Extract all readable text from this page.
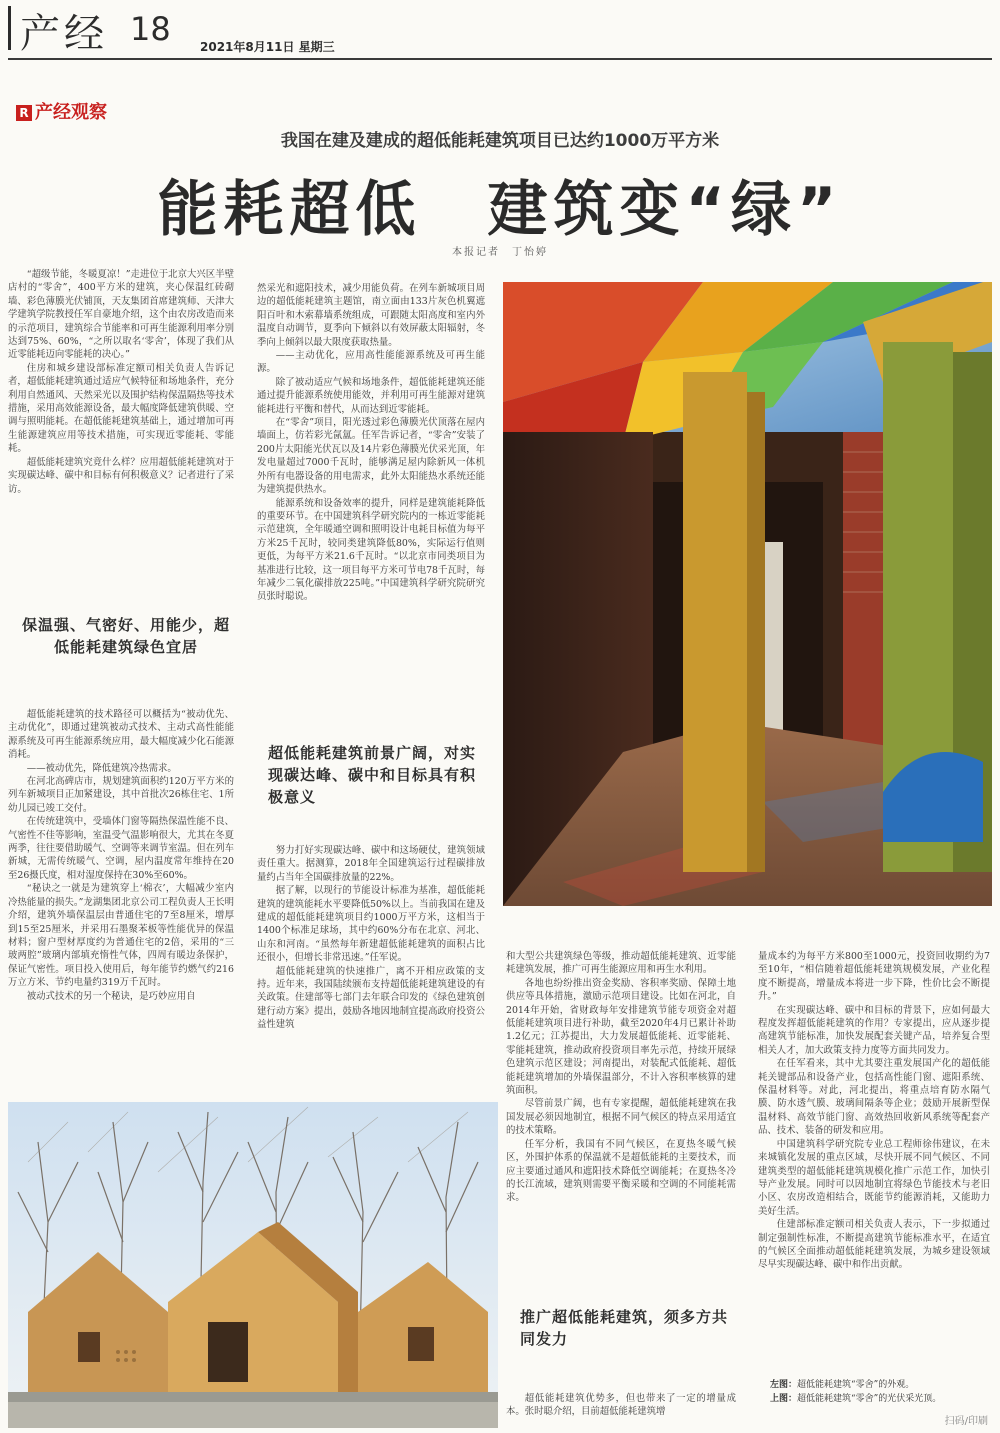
产经 18 2021年8月11日 星期三
R 产经观察
我国在建及建成的超低能耗建筑项目已达约1000万平方米
能耗超低　建筑变“绿”
本报记者　丁怡婷

“超级节能，冬暖夏凉！”走进位于北京大兴区半壁店村的“零舍”，400平方米的建筑，夹心保温红砖砌墙、彩色薄膜光伏铺顶，天友集团首席建筑师、天津大学建筑学院教授任军自豪地介绍，这个由农房改造而来的示范项目，建筑综合节能率和可再生能源利用率分别达到75%、60%，“之所以取名‘零舍’，体现了我们从近零能耗迈向零能耗的决心。”

住房和城乡建设部标准定额司相关负责人告诉记者，超低能耗建筑通过适应气候特征和场地条件，充分利用自然通风、天然采光以及围护结构保温隔热等技术措施，采用高效能源设备，最大幅度降低建筑供暖、空调与照明能耗。在超低能耗建筑基础上，通过增加可再生能源建筑应用等技术措施，可实现近零能耗、零能耗。

超低能耗建筑究竟什么样？应用超低能耗建筑对于实现碳达峰、碳中和目标有何积极意义？记者进行了采访。

保温强、气密好、用能少，超低能耗建筑绿色宜居

超低能耗建筑的技术路径可以概括为“被动优先、主动优化”，即通过建筑被动式技术、主动式高性能能源系统及可再生能源系统应用，最大幅度减少化石能源消耗。

——被动优先，降低建筑冷热需求。

在河北高碑店市，规划建筑面积约120万平方米的列车新城项目正加紧建设，其中首批次26栋住宅、1所幼儿园已竣工交付。

在传统建筑中，受墙体门窗等隔热保温性能不良、气密性不佳等影响，室温受气温影响很大，尤其在冬夏两季，往往要借助暖气、空调等来调节室温。但在列车新城，无需传统暖气、空调，屋内温度常年维持在20至26摄氏度，相对湿度保持在30%至60%。

“秘诀之一就是为建筑穿上‘棉衣’，大幅减少室内冷热能量的损失。”龙湖集团北京公司工程负责人王长明介绍，建筑外墙保温层由普通住宅的7至8厘米，增厚到15至25厘米，并采用石墨聚苯板等性能优异的保温材料；窗户型材厚度约为普通住宅的2倍，采用的“三玻两腔”玻璃内部填充惰性气体，四周有暖边条保护，保证气密性。项目投入使用后，每年能节约燃气约216万立方米、节约电量约319万千瓦时。

被动式技术的另一个秘诀，是巧妙应用自

然采光和遮阳技术，减少用能负荷。在列车新城项目周边的超低能耗建筑主题馆，南立面由133片灰色机翼遮阳百叶和木索幕墙系统组成，可跟随太阳高度和室内外温度自动调节，夏季向下倾斜以有效屏蔽太阳辐射，冬季向上倾斜以最大限度获取热量。

——主动优化，应用高性能能源系统及可再生能源。

除了被动适应气候和场地条件，超低能耗建筑还能通过提升能源系统使用能效，并利用可再生能源对建筑能耗进行平衡和替代，从而达到近零能耗。

在“零舍”项目，阳光透过彩色薄膜光伏顶落在屋内墙面上，仿若彩光氤氲。任军告诉记者，“零舍”安装了200片太阳能光伏瓦以及14片彩色薄膜光伏采光顶，年发电量超过7000千瓦时，能够满足屋内除新风一体机外所有电器设备的用电需求，此外太阳能热水系统还能为建筑提供热水。

能源系统和设备效率的提升，同样是建筑能耗降低的重要环节。在中国建筑科学研究院内的一栋近零能耗示范建筑，全年暖通空调和照明设计电耗目标值为每平方米25千瓦时，较同类建筑降低80%，实际运行值则更低，为每平方米21.6千瓦时。“以北京市同类项目为基准进行比较，这一项目每平方米可节电78千瓦时，每年减少二氧化碳排放225吨。”中国建筑科学研究院研究员张时聪说。

超低能耗建筑前景广阔，对实现碳达峰、碳中和目标具有积极意义

努力打好实现碳达峰、碳中和这场硬仗，建筑领域责任重大。据测算，2018年全国建筑运行过程碳排放量约占当年全国碳排放量的22%。

据了解，以现行的节能设计标准为基准，超低能耗建筑的建筑能耗水平要降低50%以上。当前我国在建及建成的超低能耗建筑项目约1000万平方米，这相当于1400个标准足球场，其中约60%分布在北京、河北、山东和河南。“虽然每年新建超低能耗建筑的面积占比还很小，但增长非常迅速。”任军说。

超低能耗建筑的快速推广，离不开相应政策的支持。近年来，我国陆续颁布支持超低能耗建筑建设的有关政策。住建部等七部门去年联合印发的《绿色建筑创建行动方案》提出，鼓励各地因地制宜提高政府投资公益性建筑

和大型公共建筑绿色等级，推动超低能耗建筑、近零能耗建筑发展，推广可再生能源应用和再生水利用。

各地也纷纷推出资金奖励、容积率奖励、保障土地供应等具体措施，激励示范项目建设。比如在河北，自2014年开始，省财政每年安排建筑节能专项资金对超低能耗建筑项目进行补助，截至2020年4月已累计补助1.2亿元；江苏提出，大力发展超低能耗、近零能耗、零能耗建筑，推动政府投资项目率先示范，持续开展绿色建筑示范区建设；河南提出，对装配式低能耗、超低能耗建筑增加的外墙保温部分，不计入容积率核算的建筑面积。

尽管前景广阔，也有专家提醒，超低能耗建筑在我国发展必须因地制宜，根据不同气候区的特点采用适宜的技术策略。

任军分析，我国有不同气候区，在夏热冬暖气候区，外围护体系的保温就不是超低能耗的主要技术，而应主要通过通风和遮阳技术降低空调能耗；在夏热冬冷的长江流域，建筑则需要平衡采暖和空调的不同能耗需求。

推广超低能耗建筑，须多方共同发力

超低能耗建筑优势多，但也带来了一定的增量成本。张时聪介绍，目前超低能耗建筑增

量成本约为每平方米800至1000元，投资回收期约为7至10年，“相信随着超低能耗建筑规模发展，产业化程度不断提高，增量成本将进一步下降，性价比会不断提升。”

在实现碳达峰、碳中和目标的背景下，应如何最大程度发挥超低能耗建筑的作用？专家提出，应从逐步提高建筑节能标准，加快发展配套关键产品，培养复合型相关人才，加大政策支持力度等方面共同发力。

在任军看来，其中尤其要注重发展国产化的超低能耗关键部品和设备产业，包括高性能门窗、遮阳系统、保温材料等。对此，河北提出，将重点培育防水隔气膜、防水透气膜、玻璃间隔条等企业；鼓励开展新型保温材料、高效节能门窗、高效热回收新风系统等配套产品、技术、装备的研发和应用。

中国建筑科学研究院专业总工程师徐伟建议，在未来城镇化发展的重点区域，尽快开展不同气候区、不同建筑类型的超低能耗建筑规模化推广示范工作，加快引导产业发展。同时可以因地制宜将绿色节能技术与老旧小区、农房改造相结合，既能节约能源消耗，又能助力美好生活。

住建部标准定额司相关负责人表示，下一步拟通过制定强制性标准，不断提高建筑节能标准水平，在适宜的气候区全面推动超低能耗建筑发展，为城乡建设领域尽早实现碳达峰、碳中和作出贡献。

左图：超低能耗建筑“零舍”的外观。
上图：超低能耗建筑“零舍”的光伏采光顶。
扫码/印刷
